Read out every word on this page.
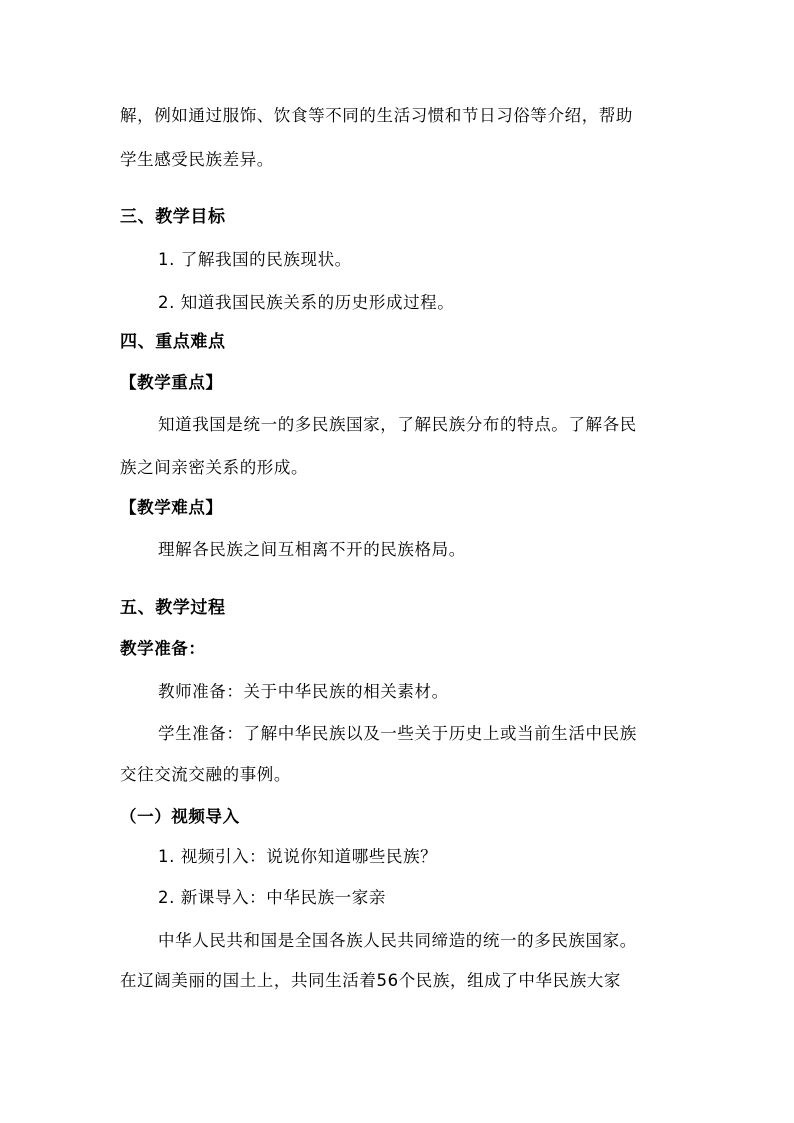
解，例如通过服饰、饮食等不同的生活习惯和节日习俗等介绍，帮助
学生感受民族差异。
三、教学目标
1. 了解我国的民族现状。
2. 知道我国民族关系的历史形成过程。
四、重点难点
【教学重点】
知道我国是统一的多民族国家，了解民族分布的特点。了解各民
族之间亲密关系的形成。
【教学难点】
理解各民族之间互相离不开的民族格局。
五、教学过程
教学准备：
教师准备：关于中华民族的相关素材。
学生准备：了解中华民族以及一些关于历史上或当前生活中民族
交往交流交融的事例。
（一）视频导入
1. 视频引入：说说你知道哪些民族？
2. 新课导入：中华民族一家亲
中华人民共和国是全国各族人民共同缔造的统一的多民族国家。
在辽阔美丽的国土上，共同生活着56个民族，组成了中华民族大家
